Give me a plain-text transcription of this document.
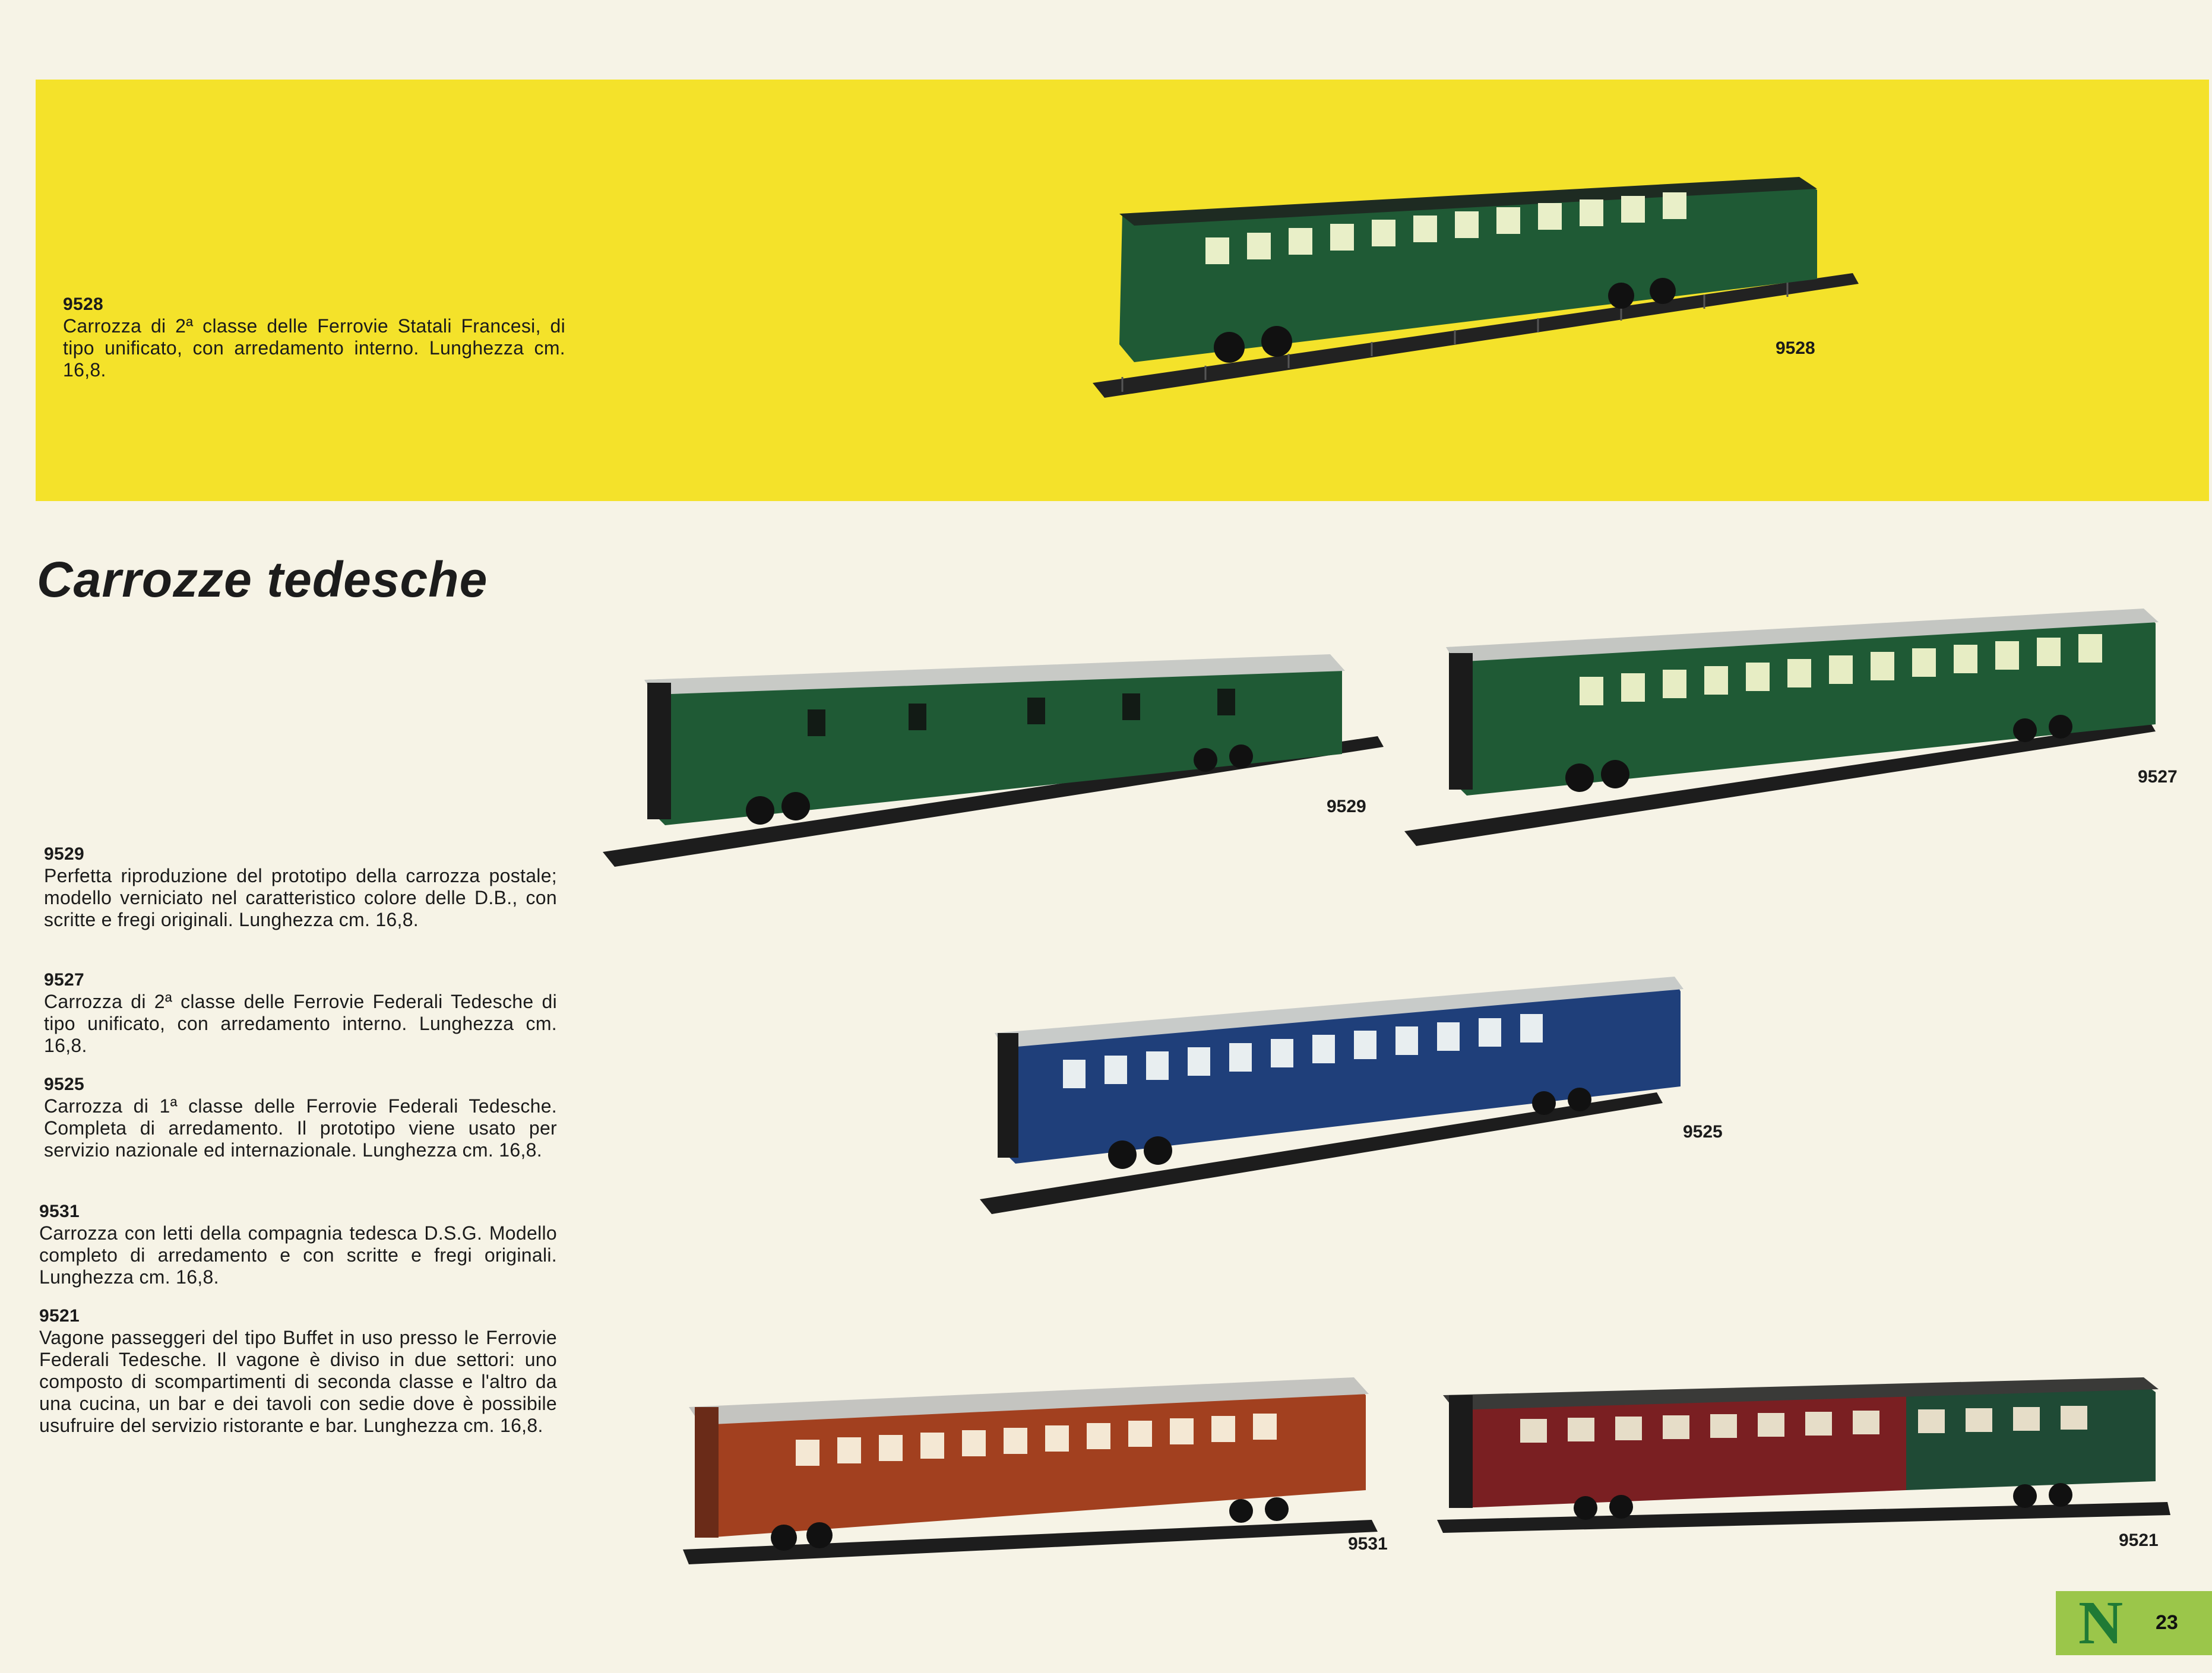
9528
Carrozza di 2ª classe delle Ferrovie Statali Francesi, di tipo unificato, con arredamento interno. Lunghezza cm. 16,8.
9528
Carrozze tedesche
9529
Perfetta riproduzione del prototipo della carrozza postale; modello verniciato nel caratteristico colore delle D.B., con scritte e fregi originali. Lunghezza cm. 16,8.
9527
Carrozza di 2ª classe delle Ferrovie Federali Tedesche di tipo unificato, con arredamento interno. Lunghezza cm. 16,8.
9525
Carrozza di 1ª classe delle Ferrovie Federali Tedesche. Completa di arredamento. Il prototipo viene usato per servizio nazionale ed internazionale. Lunghezza cm. 16,8.
9531
Carrozza con letti della compagnia tedesca D.S.G. Modello completo di arredamento e con scritte e fregi originali. Lunghezza cm. 16,8.
9521
Vagone passeggeri del tipo Buffet in uso presso le Ferrovie Federali Tedesche. Il vagone è diviso in due settori: uno composto di scompartimenti di seconda classe e l'altro da una cucina, un bar e dei tavoli con sedie dove è possibile usufruire del servizio ristorante e bar. Lunghezza cm. 16,8.
9529
9527
9525
9531	9521
N 23
